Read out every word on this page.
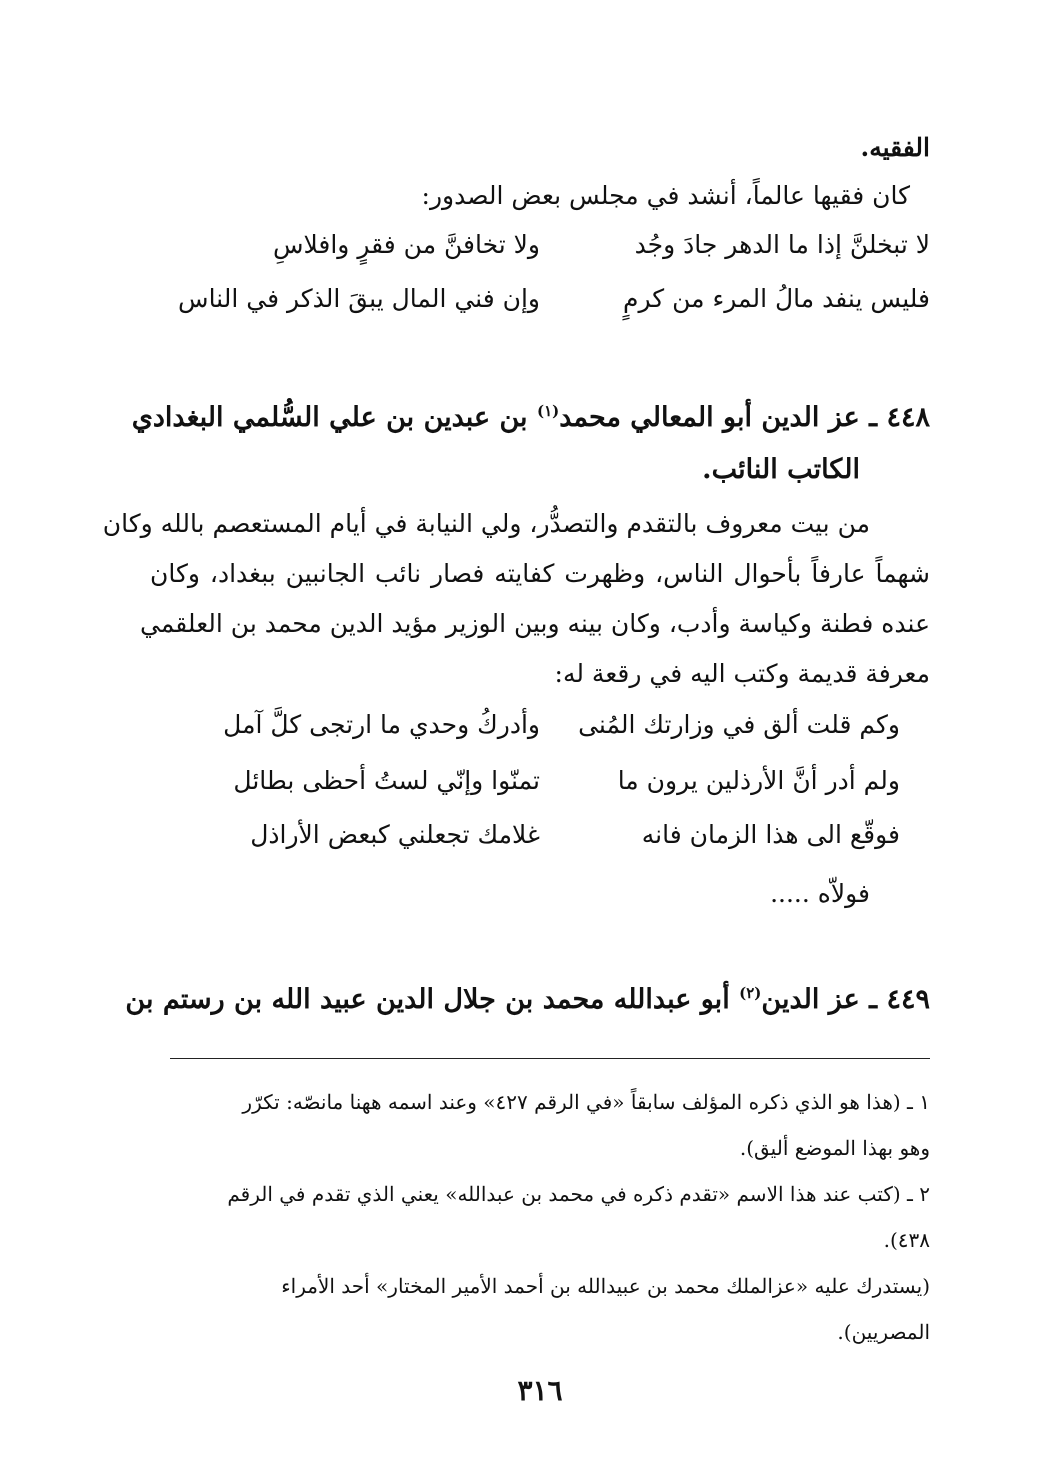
الفقيه.
كان فقيها عالماً، أنشد في مجلس بعض الصدور:
لا تبخلنَّ إذا ما الدهر جادَ وجُد
ولا تخافنَّ من فقرٍ وافلاسِ
فليس ينفد مالُ المرء من كرمٍ
وإن فني المال يبقَ الذكر في الناس
٤٤٨ ـ عز الدين أبو المعالي محمد$^{(١)}$ بن عبدين بن علي السُّلمي البغدادي
الكاتب النائب.
من بيت معروف بالتقدم والتصدُّر، ولي النيابة في أيام المستعصم بالله وكان
شهماً عارفاً بأحوال الناس، وظهرت كفايته فصار نائب الجانبين ببغداد، وكان
عنده فطنة وكياسة وأدب، وكان بينه وبين الوزير مؤيد الدين محمد بن العلقمي
معرفة قديمة وكتب اليه في رقعة له:
وكم قلت ألق في وزارتك المُنى
وأدركُ وحدي ما ارتجى كلَّ آمل
ولم أدر أنَّ الأرذلين يرون ما
تمنّوا وإنّي لستُ أحظى بطائل
فوقّع الى هذا الزمان فانه
غلامك تجعلني كبعض الأراذل
فولاّه .....
٤٤٩ ـ عز الدين$^{(٢)}$ أبو عبدالله محمد بن جلال الدين عبيد الله بن رستم بن
١ ـ (هذا هو الذي ذكره المؤلف سابقاً «في الرقم ٤٢٧» وعند اسمه ههنا مانصّه: تكرّر
وهو بهذا الموضع أليق).
٢ ـ (كتب عند هذا الاسم «تقدم ذكره في محمد بن عبدالله» يعني الذي تقدم في الرقم
٤٣٨).
(يستدرك عليه «عزالملك محمد بن عبيدالله بن أحمد الأمير المختار» أحد الأمراء
المصريين).
٣١٦
